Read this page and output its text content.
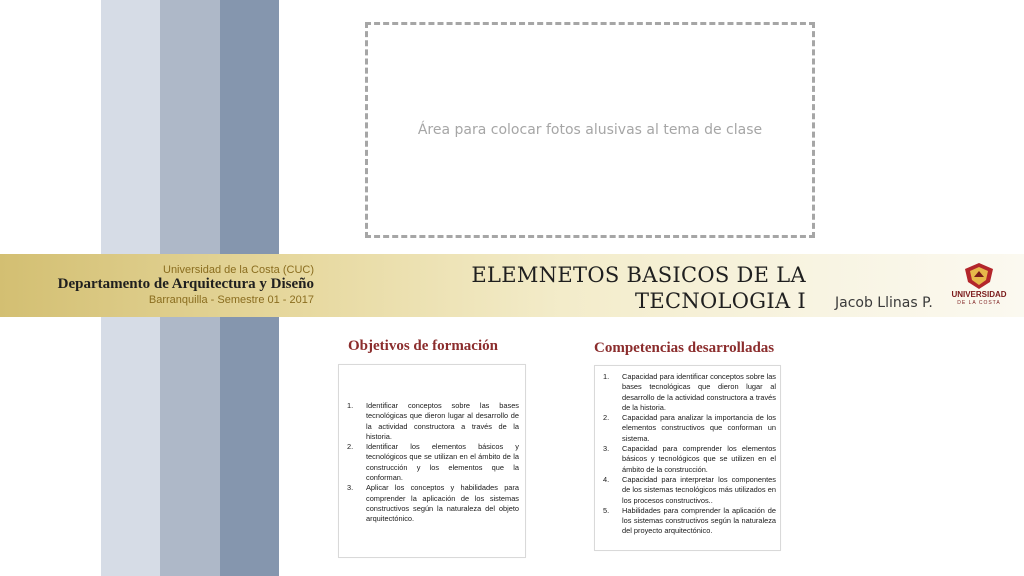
Área para colocar fotos alusivas al tema de clase
Universidad de la Costa (CUC)
Departamento de Arquitectura y Diseño
Barranquilla - Semestre 01 - 2017
ELEMNETOS BASICOS DE LA
TECNOLOGIA I Jacob Llinas P.
UNIVERSIDAD
DE LA COSTA
Objetivos de formación	Competencias desarrolladas
1. Identificar conceptos sobre las bases tecnológicas que dieron lugar al desarrollo de la actividad constructora a través de la historia.
2. Identificar los elementos básicos y tecnológicos que se utilizan en el ámbito de la construcción y los elementos que la conforman.
3. Aplicar los conceptos y habilidades para comprender la aplicación de los sistemas constructivos según la naturaleza del objeto arquitectónico.
1. Capacidad para identificar conceptos sobre las bases tecnológicas que dieron lugar al desarrollo de la actividad constructora a través de la historia.
2. Capacidad para analizar la importancia de los elementos constructivos que conforman un sistema.
3. Capacidad para comprender los elementos básicos y tecnológicos que se utilizen en el ámbito de la construcción.
4. Capacidad para interpretar los componentes de los sistemas tecnológicos más utilizados en los procesos constructivos..
5. Habilidades para comprender la aplicación de los sistemas constructivos según la naturaleza del proyecto arquitectónico.
